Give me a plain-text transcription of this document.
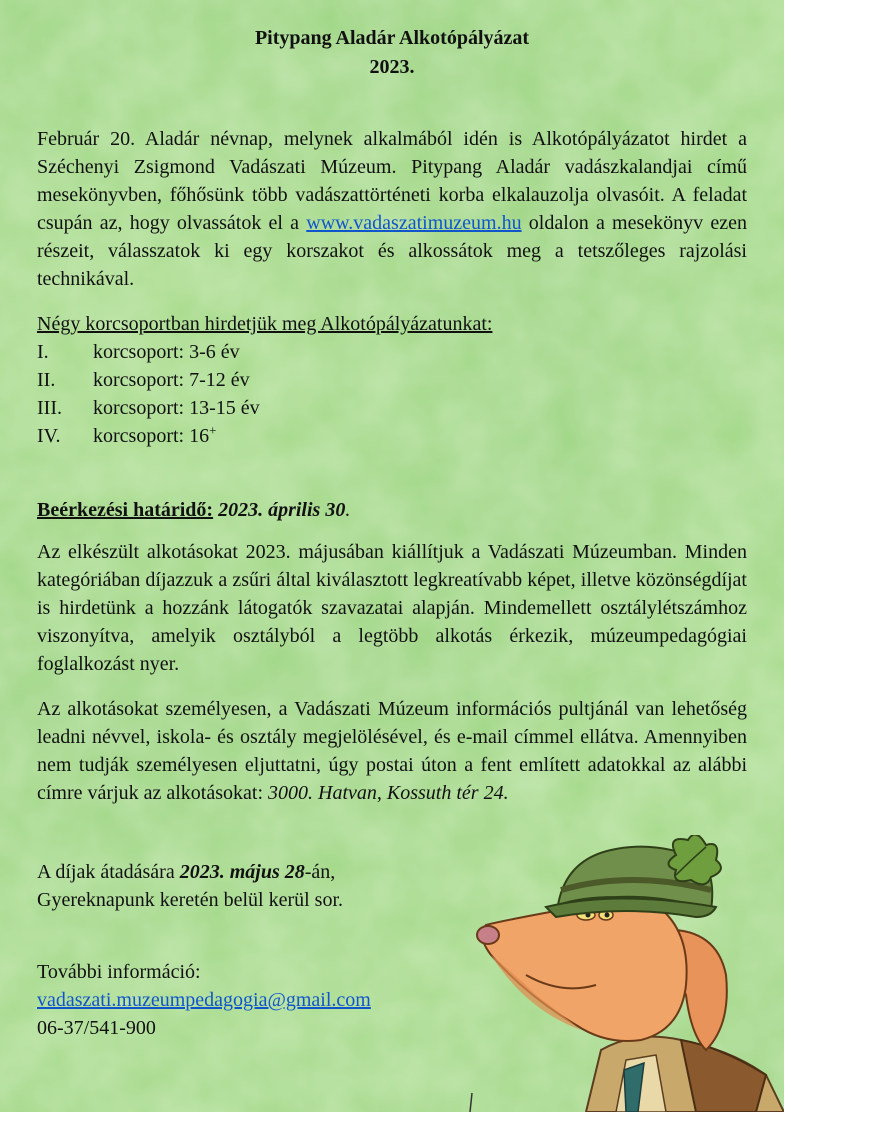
Pitypang Aladár Alkotópályázat
2023.

Február 20. Aladár névnap, melynek alkalmából idén is Alkotópályázatot hirdet a Széchenyi Zsigmond Vadászati Múzeum. Pitypang Aladár vadászkalandjai című mesekönyvben, főhősünk több vadászattörténeti korba elkalauzolja olvasóit. A feladat csupán az, hogy olvassátok el a www.vadaszatimuzeum.hu oldalon a mesekönyv ezen részeit, válasszatok ki egy korszakot és alkossátok meg a tetszőleges rajzolási technikával.

Négy korcsoportban hirdetjük meg Alkotópályázatunkat:

I.	korcsoport: 3-6 év
II.	korcsoport: 7-12 év
III.	korcsoport: 13-15 év
IV.	korcsoport: 16+

Beérkezési határidő: 2023. április 30.

Az elkészült alkotásokat 2023. májusában kiállítjuk a Vadászati Múzeumban. Minden kategóriában díjazzuk a zsűri által kiválasztott legkreatívabb képet, illetve közönségdíjat is hirdetünk a hozzánk látogatók szavazatai alapján. Mindemellett osztálylétszámhoz viszonyítva, amelyik osztályból a legtöbb alkotás érkezik, múzeumpedagógiai foglalkozást nyer.

Az alkotásokat személyesen, a Vadászati Múzeum információs pultjánál van lehetőség leadni névvel, iskola- és osztály megjelölésével, és e-mail címmel ellátva. Amennyiben nem tudják személyesen eljuttatni, úgy postai úton a fent említett adatokkal az alábbi címre várjuk az alkotásokat: 3000. Hatvan, Kossuth tér 24.

A díjak átadására 2023. május 28-án,

Gyereknapunk keretén belül kerül sor.

További információ:

vadaszati.muzeumpedagogia@gmail.com

06-37/541-900
